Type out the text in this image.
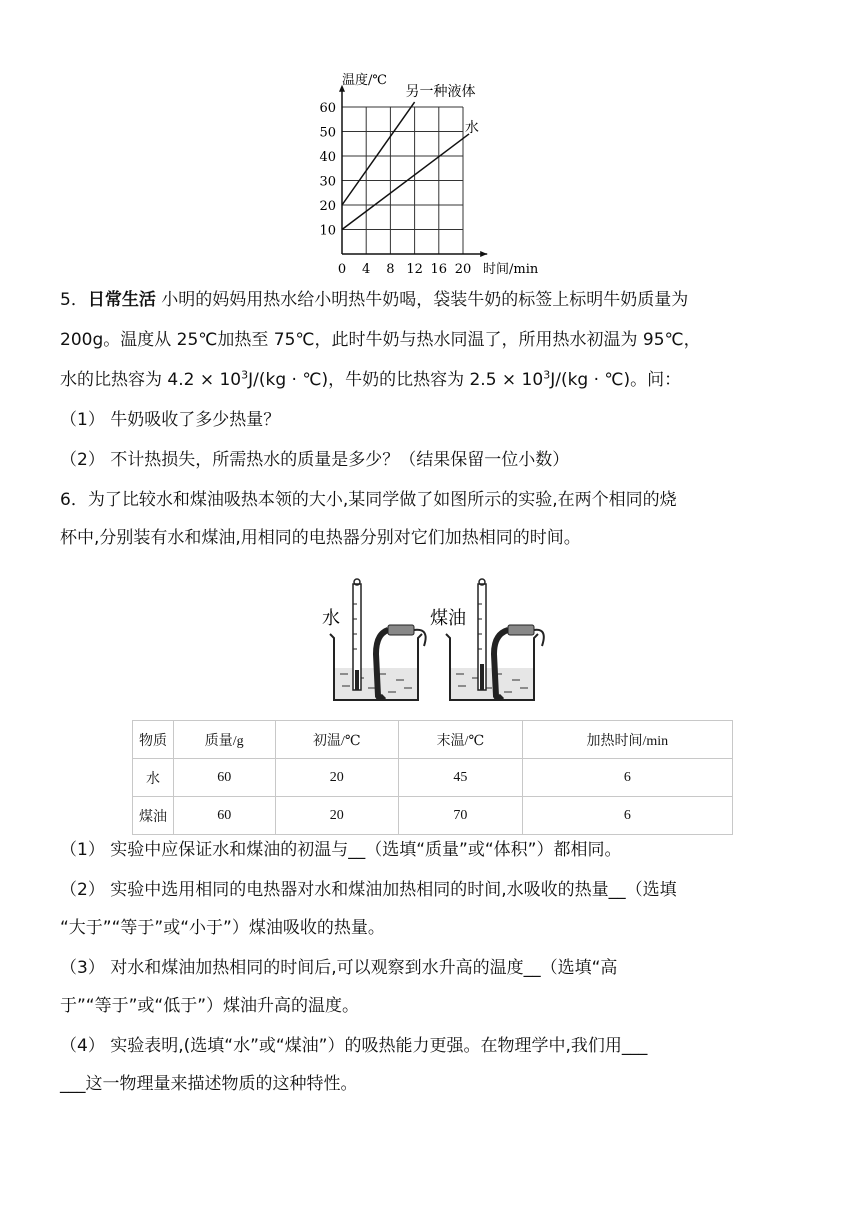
0 4 8 12 16 20
10
20
30
40
50
60
温度/℃
时间/min
另一种液体
水
5．日常生活 小明的妈妈用热水给小明热牛奶喝，袋装牛奶的标签上标明牛奶质量为
200g。温度从 25℃加热至 75℃，此时牛奶与热水同温了，所用热水初温为 95℃，
水的比热容为 $4.2 \times 10^3J/(kg$ · ℃)，牛奶的比热容为 $2.5 \times 10^3J/(kg$ · ℃)。问：
（1） 牛奶吸收了多少热量？
（2） 不计热损失，所需热水的质量是多少？（结果保留一位小数）
6．为了比较水和煤油吸热本领的大小,某同学做了如图所示的实验,在两个相同的烧
杯中,分别装有水和煤油,用相同的电热器分别对它们加热相同的时间。
水	煤油
物质	质量/g	初温/℃	末温/℃	加热时间/min
水	60	20	45	6
煤油	60	20	70	6
（1） 实验中应保证水和煤油的初温与__（选填“质量”或“体积”）都相同。
（2） 实验中选用相同的电热器对水和煤油加热相同的时间,水吸收的热量__（选填
“大于”“等于”或“小于”）煤油吸收的热量。
（3） 对水和煤油加热相同的时间后,可以观察到水升高的温度__（选填“高
于”“等于”或“低于”）煤油升高的温度。
（4） 实验表明,(选填“水”或“煤油”）的吸热能力更强。在物理学中,我们用___
___这一物理量来描述物质的这种特性。
